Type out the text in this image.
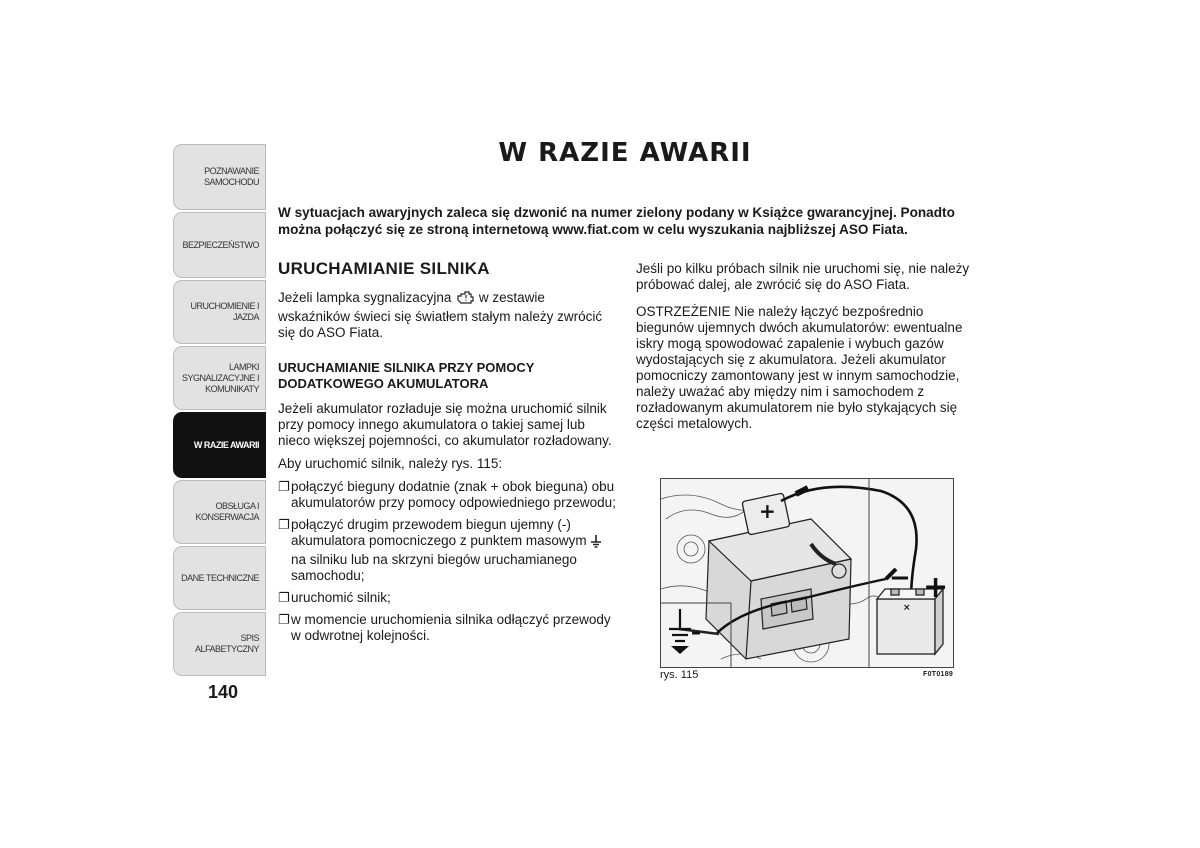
POZNAWANIE SAMOCHODU
BEZPIECZEŃSTWO
URUCHOMIENIE I JAZDA
LAMPKI SYGNALIZACYJNE I KOMUNIKATY
W RAZIE AWARII
OBSŁUGA I KONSERWACJA
DANE TECHNICZNE
SPIS ALFABETYCZNY
140
W RAZIE AWARII
W sytuacjach awaryjnych zaleca się dzwonić na numer zielony podany w Książce gwarancyjnej. Ponadto można połączyć się ze stroną internetową www.fiat.com w celu wyszukania najbliższej ASO Fiata.
URUCHAMIANIE SILNIKA

Jeżeli lampka sygnalizacyjna w zestawie wskaźników świeci się światłem stałym należy zwrócić się do ASO Fiata.

URUCHAMIANIE SILNIKA PRZY POMOCY DODATKOWEGO AKUMULATORA

Jeżeli akumulator rozładuje się można uruchomić silnik przy pomocy innego akumulatora o takiej samej lub nieco większej pojemności, co akumulator rozładowany.

Aby uruchomić silnik, należy rys. 115:

❐ połączyć bieguny dodatnie (znak + obok bieguna) obu akumulatorów przy pomocy odpowiedniego przewodu;
❐ połączyć drugim przewodem biegun ujemny (-) akumulatora pomocniczego z punktem masowym  na silniku lub na skrzyni biegów uruchamianego samochodu;
❐ uruchomić silnik;
❐ w momencie uruchomienia silnika odłączyć przewody w odwrotnej kolejności.

Jeśli po kilku próbach silnik nie uruchomi się, nie należy próbować dalej, ale zwrócić się do ASO Fiata.

OSTRZEŻENIE Nie należy łączyć bezpośrednio biegunów ujemnych dwóch akumulatorów: ewentualne iskry mogą spowodować zapalenie i wybuch gazów wydostających się z akumulatora. Jeżeli akumulator pomocniczy zamontowany jest w innym samochodzie, należy uważać aby między nim i samochodem z rozładowanym akumulatorem nie było stykających się części metalowych.

+
×
− +
–
rys. 115	F0T0189
